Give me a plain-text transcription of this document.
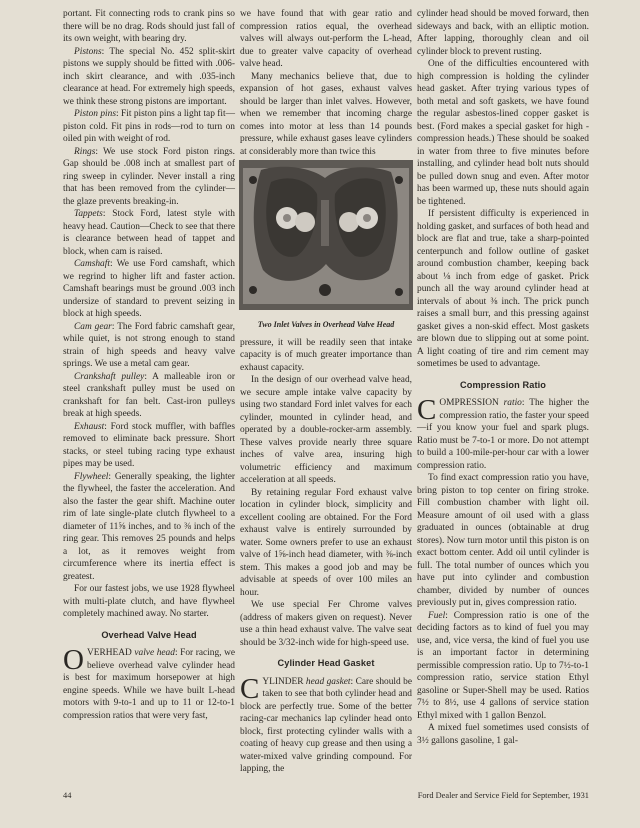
portant. Fit connecting rods to crank pins so there will be no drag. Rods should just fall of its own weight, with bearing dry.

Pistons: The special No. 452 split-skirt pistons we supply should be fitted with .006-inch skirt clearance, and with .035-inch clearance at head. For extremely high speeds, we think these strong pistons are important.

Piston pins: Fit piston pins a light tap fit—piston cold. Fit pins in rods—rod to turn on oiled pin with weight of rod.

Rings: We use stock Ford piston rings. Gap should be .008 inch at smallest part of ring sweep in cylinder. Never install a ring that has been removed from the cylinder—the glaze prevents breaking-in.

Tappets: Stock Ford, latest style with heavy head. Caution—Check to see that there is clearance between head of tappet and block, when cam is raised.

Camshaft: We use Ford camshaft, which we regrind to higher lift and faster action. Camshaft bearings must be ground .003 inch undersize of standard to prevent seizing in block at high speeds.

Cam gear: The Ford fabric camshaft gear, while quiet, is not strong enough to stand strain of high speeds and heavy valve springs. We use a metal cam gear.

Crankshaft pulley: A malleable iron or steel crankshaft pulley must be used on crankshaft for fan belt. Cast-iron pulleys break at high speeds.

Exhaust: Ford stock muffler, with baffles removed to eliminate back pressure. Short stacks, or steel tubing racing type exhaust pipes may be used.

Flywheel: Generally speaking, the lighter the flywheel, the faster the acceleration. And also the faster the gear shift. Machine outer rim of late single-plate clutch flywheel to a diameter of 11⅝ inches, and to ⅜ inch of the ring gear. This removes 25 pounds and helps a lot, as it removes weight from circumference where its inertia effect is greatest.

For our fastest jobs, we use 1928 flywheel with multi-plate clutch, and have flywheel completely machined away. No starter.

Overhead Valve Head

OVERHEAD valve head: For racing, we believe overhead valve cylinder head is best for maximum horsepower at high engine speeds. While we have built L-head motors with 9-to-1 and up to 11 or 12-to-1 compression ratios that were very fast,

we have found that with gear ratio and compression ratios equal, the overhead valves will always out-perform the L-head, due to greater valve capacity of overhead valve head.

Many mechanics believe that, due to expansion of hot gases, exhaust valves should be larger than inlet valves. However, when we remember that incoming charge comes into motor at less than 14 pounds pressure, while exhaust gases leave cylinders at considerably more than twice this

Two Inlet Valves in Overhead Valve Head

pressure, it will be readily seen that intake capacity is of much greater importance than exhaust capacity.

In the design of our overhead valve head, we secure ample intake valve capacity by using two standard Ford inlet valves for each cylinder, mounted in cylinder head, and operated by a double-rocker-arm assembly. These valves provide nearly three square inches of valve area, insuring high volumetric efficiency and maximum acceleration at all speeds.

By retaining regular Ford exhaust valve location in cylinder block, simplicity and excellent cooling are obtained. For the Ford exhaust valve is entirely surrounded by water. Some owners prefer to use an exhaust valve of 1⅝-inch head diameter, with ⅜-inch stem. This makes a good job and may be advisable at speeds of over 100 miles an hour.

We use special Fer Chrome valves (address of makers given on request). Never use a thin head exhaust valve. The valve seat should be 3/32-inch wide for high-speed use.

Cylinder Head Gasket

CYLINDER head gasket: Care should be taken to see that both cylinder head and block are perfectly true. Some of the better racing-car mechanics lap cylinder head onto block, first protecting cylinder walls with a coating of heavy cup grease and then using a water-mixed valve grinding compound. For lapping, the

cylinder head should be moved forward, then sideways and back, with an elliptic motion. After lapping, thoroughly clean and oil cylinder block to prevent rusting.

One of the difficulties encountered with high compression is holding the cylinder head gasket. After trying various types of both metal and soft gaskets, we have found the regular asbestos-lined copper gasket is best. (Ford makes a special gasket for high - compression heads.) These should be soaked in water from three to five minutes before installing, and cylinder head bolt nuts should be pulled down snug and even. After motor has been warmed up, these nuts should again be tightened.

If persistent difficulty is experienced in holding gasket, and surfaces of both head and block are flat and true, take a sharp-pointed centerpunch and follow outline of gasket around combustion chamber, keeping back about ⅛ inch from edge of gasket. Prick punch all the way around cylinder head at intervals of about ⅜ inch. The prick punch raises a small burr, and this pressing against gasket gives a non-skid effect. Most gaskets are blown due to slipping out at some point. A light coating of tire and rim cement may sometimes be used to advantage.

Compression Ratio

COMPRESSION ratio: The higher the compression ratio, the faster your speed—if you know your fuel and spark plugs. Ratio must be 7-to-1 or more. Do not attempt to build a 100-mile-per-hour car with a lower compression ratio.

To find exact compression ratio you have, bring piston to top center on firing stroke. Fill combustion chamber with light oil. Measure amount of oil used with a glass graduated in ounces (obtainable at drug stores). Now turn motor until this piston is on exact bottom center. Add oil until cylinder is full. The total number of ounces which you have put into cylinder and combustion chamber, divided by number of ounces previously put in, gives compression ratio.

Fuel: Compression ratio is one of the deciding factors as to kind of fuel you may use, and, vice versa, the kind of fuel you use is an important factor in determining permissible compression ratio. Up to 7½-to-1 compression ratio, service station Ethyl gasoline or Super-Shell may be used. Ratios 7½ to 8½, use 4 gallons of service station Ethyl mixed with 1 gallon Benzol.

A mixed fuel sometimes used consists of 3½ gallons gasoline, 1 gal-

44	Ford Dealer and Service Field for September, 1931
